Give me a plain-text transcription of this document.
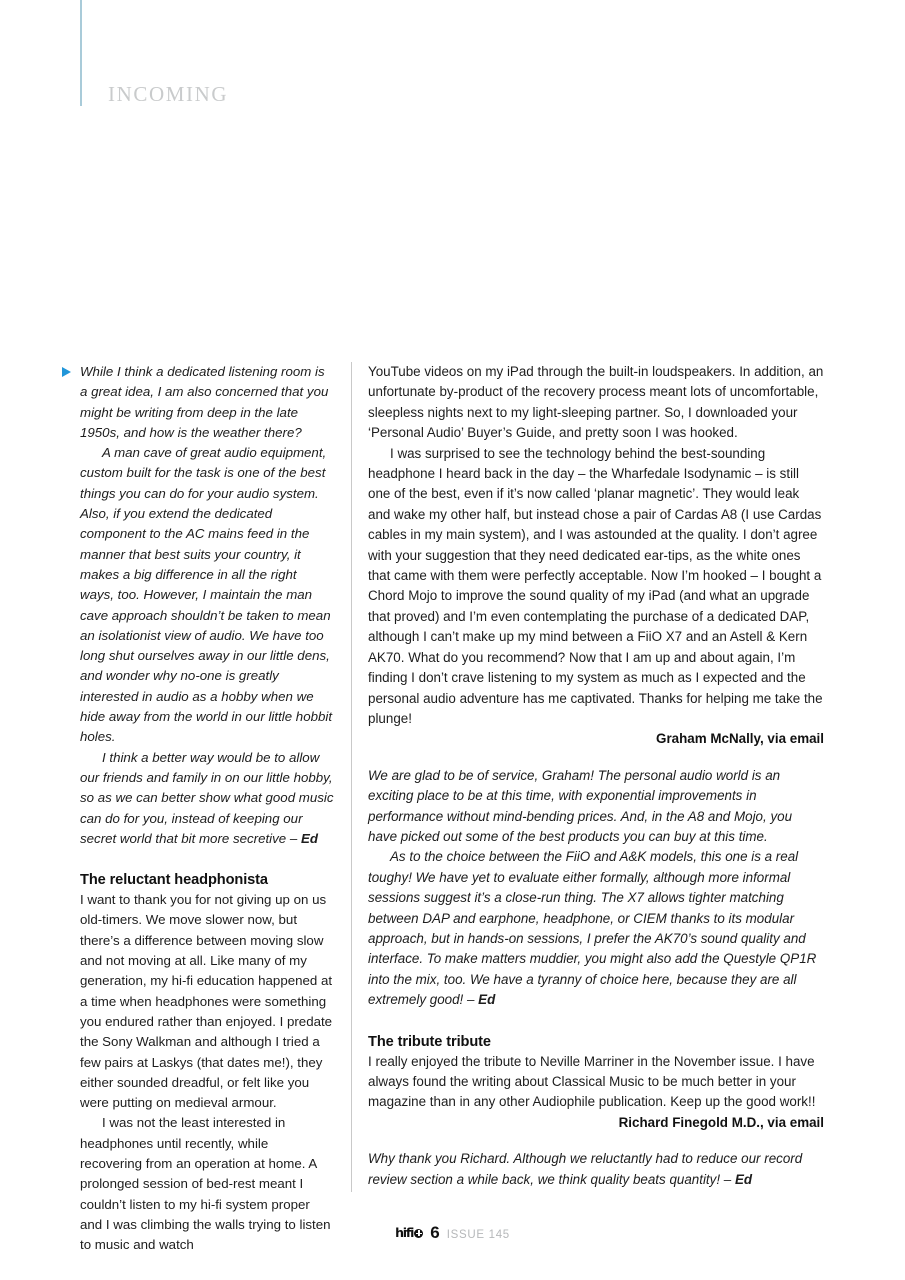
INCOMING

While I think a dedicated listening room is a great idea, I am also concerned that you might be writing from deep in the late 1950s, and how is the weather there?

A man cave of great audio equipment, custom built for the task is one of the best things you can do for your audio system. Also, if you extend the dedicated component to the AC mains feed in the manner that best suits your country, it makes a big difference in all the right ways, too. However, I maintain the man cave approach shouldn’t be taken to mean an isolationist view of audio. We have too long shut ourselves away in our little dens, and wonder why no-one is greatly interested in audio as a hobby when we hide away from the world in our little hobbit holes.

I think a better way would be to allow our friends and family in on our little hobby, so as we can better show what good music can do for you, instead of keeping our secret world that bit more secretive – Ed

The reluctant headphonista

I want to thank you for not giving up on us old-timers. We move slower now, but there’s a difference between moving slow and not moving at all. Like many of my generation, my hi-fi education happened at a time when headphones were something you endured rather than enjoyed. I predate the Sony Walkman and although I tried a few pairs at Laskys (that dates me!), they either sounded dreadful, or felt like you were putting on medieval armour.

I was not the least interested in headphones until recently, while recovering from an operation at home. A prolonged session of bed-rest meant I couldn’t listen to my hi-fi system proper and I was climbing the walls trying to listen to music and watch

YouTube videos on my iPad through the built-in loudspeakers. In addition, an unfortunate by-product of the recovery process meant lots of uncomfortable, sleepless nights next to my light-sleeping partner. So, I downloaded your ‘Personal Audio’ Buyer’s Guide, and pretty soon I was hooked.

I was surprised to see the technology behind the best-sounding headphone I heard back in the day – the Wharfedale Isodynamic – is still one of the best, even if it’s now called ‘planar magnetic’. They would leak and wake my other half, but instead chose a pair of Cardas A8 (I use Cardas cables in my main system), and I was astounded at the quality. I don’t agree with your suggestion that they need dedicated ear-tips, as the white ones that came with them were perfectly acceptable. Now I’m hooked – I bought a Chord Mojo to improve the sound quality of my iPad (and what an upgrade that proved) and I’m even contemplating the purchase of a dedicated DAP, although I can’t make up my mind between a FiiO X7 and an Astell & Kern AK70. What do you recommend? Now that I am up and about again, I’m finding I don’t crave listening to my system as much as I expected and the personal audio adventure has me captivated. Thanks for helping me take the plunge!

Graham McNally, via email

We are glad to be of service, Graham! The personal audio world is an exciting place to be at this time, with exponential improvements in performance without mind-bending prices. And, in the A8 and Mojo, you have picked out some of the best products you can buy at this time.

As to the choice between the FiiO and A&K models, this one is a real toughy! We have yet to evaluate either formally, although more informal sessions suggest it’s a close-run thing. The X7 allows tighter matching between DAP and earphone, headphone, or CIEM thanks to its modular approach, but in hands-on sessions, I prefer the AK70’s sound quality and interface. To make matters muddier, you might also add the Questyle QP1R into the mix, too. We have a tyranny of choice here, because they are all extremely good! – Ed

The tribute tribute

I really enjoyed the tribute to Neville Marriner in the November issue. I have always found the writing about Classical Music to be much better in your magazine than in any other Audiophile publication. Keep up the good work!!

Richard Finegold M.D., via email

Why thank you Richard. Although we reluctantly had to reduce our record review section a while back, we think quality beats quantity! – Ed

hifi 6 ISSUE 145
